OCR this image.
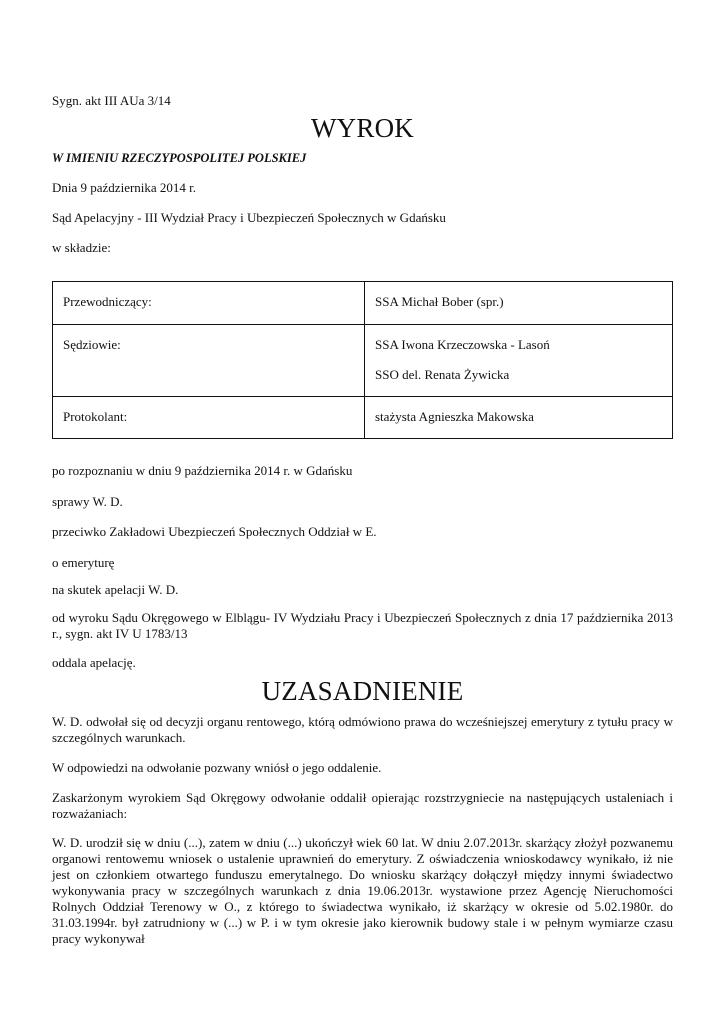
Sygn. akt III AUa 3/14
WYROK
W IMIENIU RZECZYPOSPOLITEJ POLSKIEJ
Dnia 9 października 2014 r.
Sąd Apelacyjny - III Wydział Pracy i Ubezpieczeń Społecznych w Gdańsku
w składzie:
Przewodniczący:	SSA Michał Bober (spr.)

Sędziowie:	SSA Iwona Krzeczowska - Lasoń
SSO del. Renata Żywicka

Protokolant:	stażysta Agnieszka Makowska
po rozpoznaniu w dniu 9 października 2014 r. w Gdańsku
sprawy W. D.
przeciwko Zakładowi Ubezpieczeń Społecznych Oddział w E.
o emeryturę
na skutek apelacji W. D.
od wyroku Sądu Okręgowego w Elblągu- IV Wydziału Pracy i Ubezpieczeń Społecznych z dnia 17 października 2013 r., sygn. akt IV U 1783/13
oddala apelację.
UZASADNIENIE
W. D. odwołał się od decyzji organu rentowego, którą odmówiono prawa do wcześniejszej emerytury z tytułu pracy w szczególnych warunkach.
W odpowiedzi na odwołanie pozwany wniósł o jego oddalenie.
Zaskarżonym wyrokiem Sąd Okręgowy odwołanie oddalił opierając rozstrzygniecie na następujących ustaleniach i rozważaniach:
W. D. urodził się w dniu (...), zatem w dniu (...) ukończył wiek 60 lat. W dniu 2.07.2013r. skarżący złożył pozwanemu organowi rentowemu wniosek o ustalenie uprawnień do emerytury. Z oświadczenia wnioskodawcy wynikało, iż nie jest on członkiem otwartego funduszu emerytalnego. Do wniosku skarżący dołączył między innymi świadectwo wykonywania pracy w szczególnych warunkach z dnia 19.06.2013r. wystawione przez Agencję Nieruchomości Rolnych Oddział Terenowy w O., z którego to świadectwa wynikało, iż skarżący w okresie od 5.02.1980r. do 31.03.1994r. był zatrudniony w (...) w P. i w tym okresie jako kierownik budowy stale i w pełnym wymiarze czasu pracy wykonywał
